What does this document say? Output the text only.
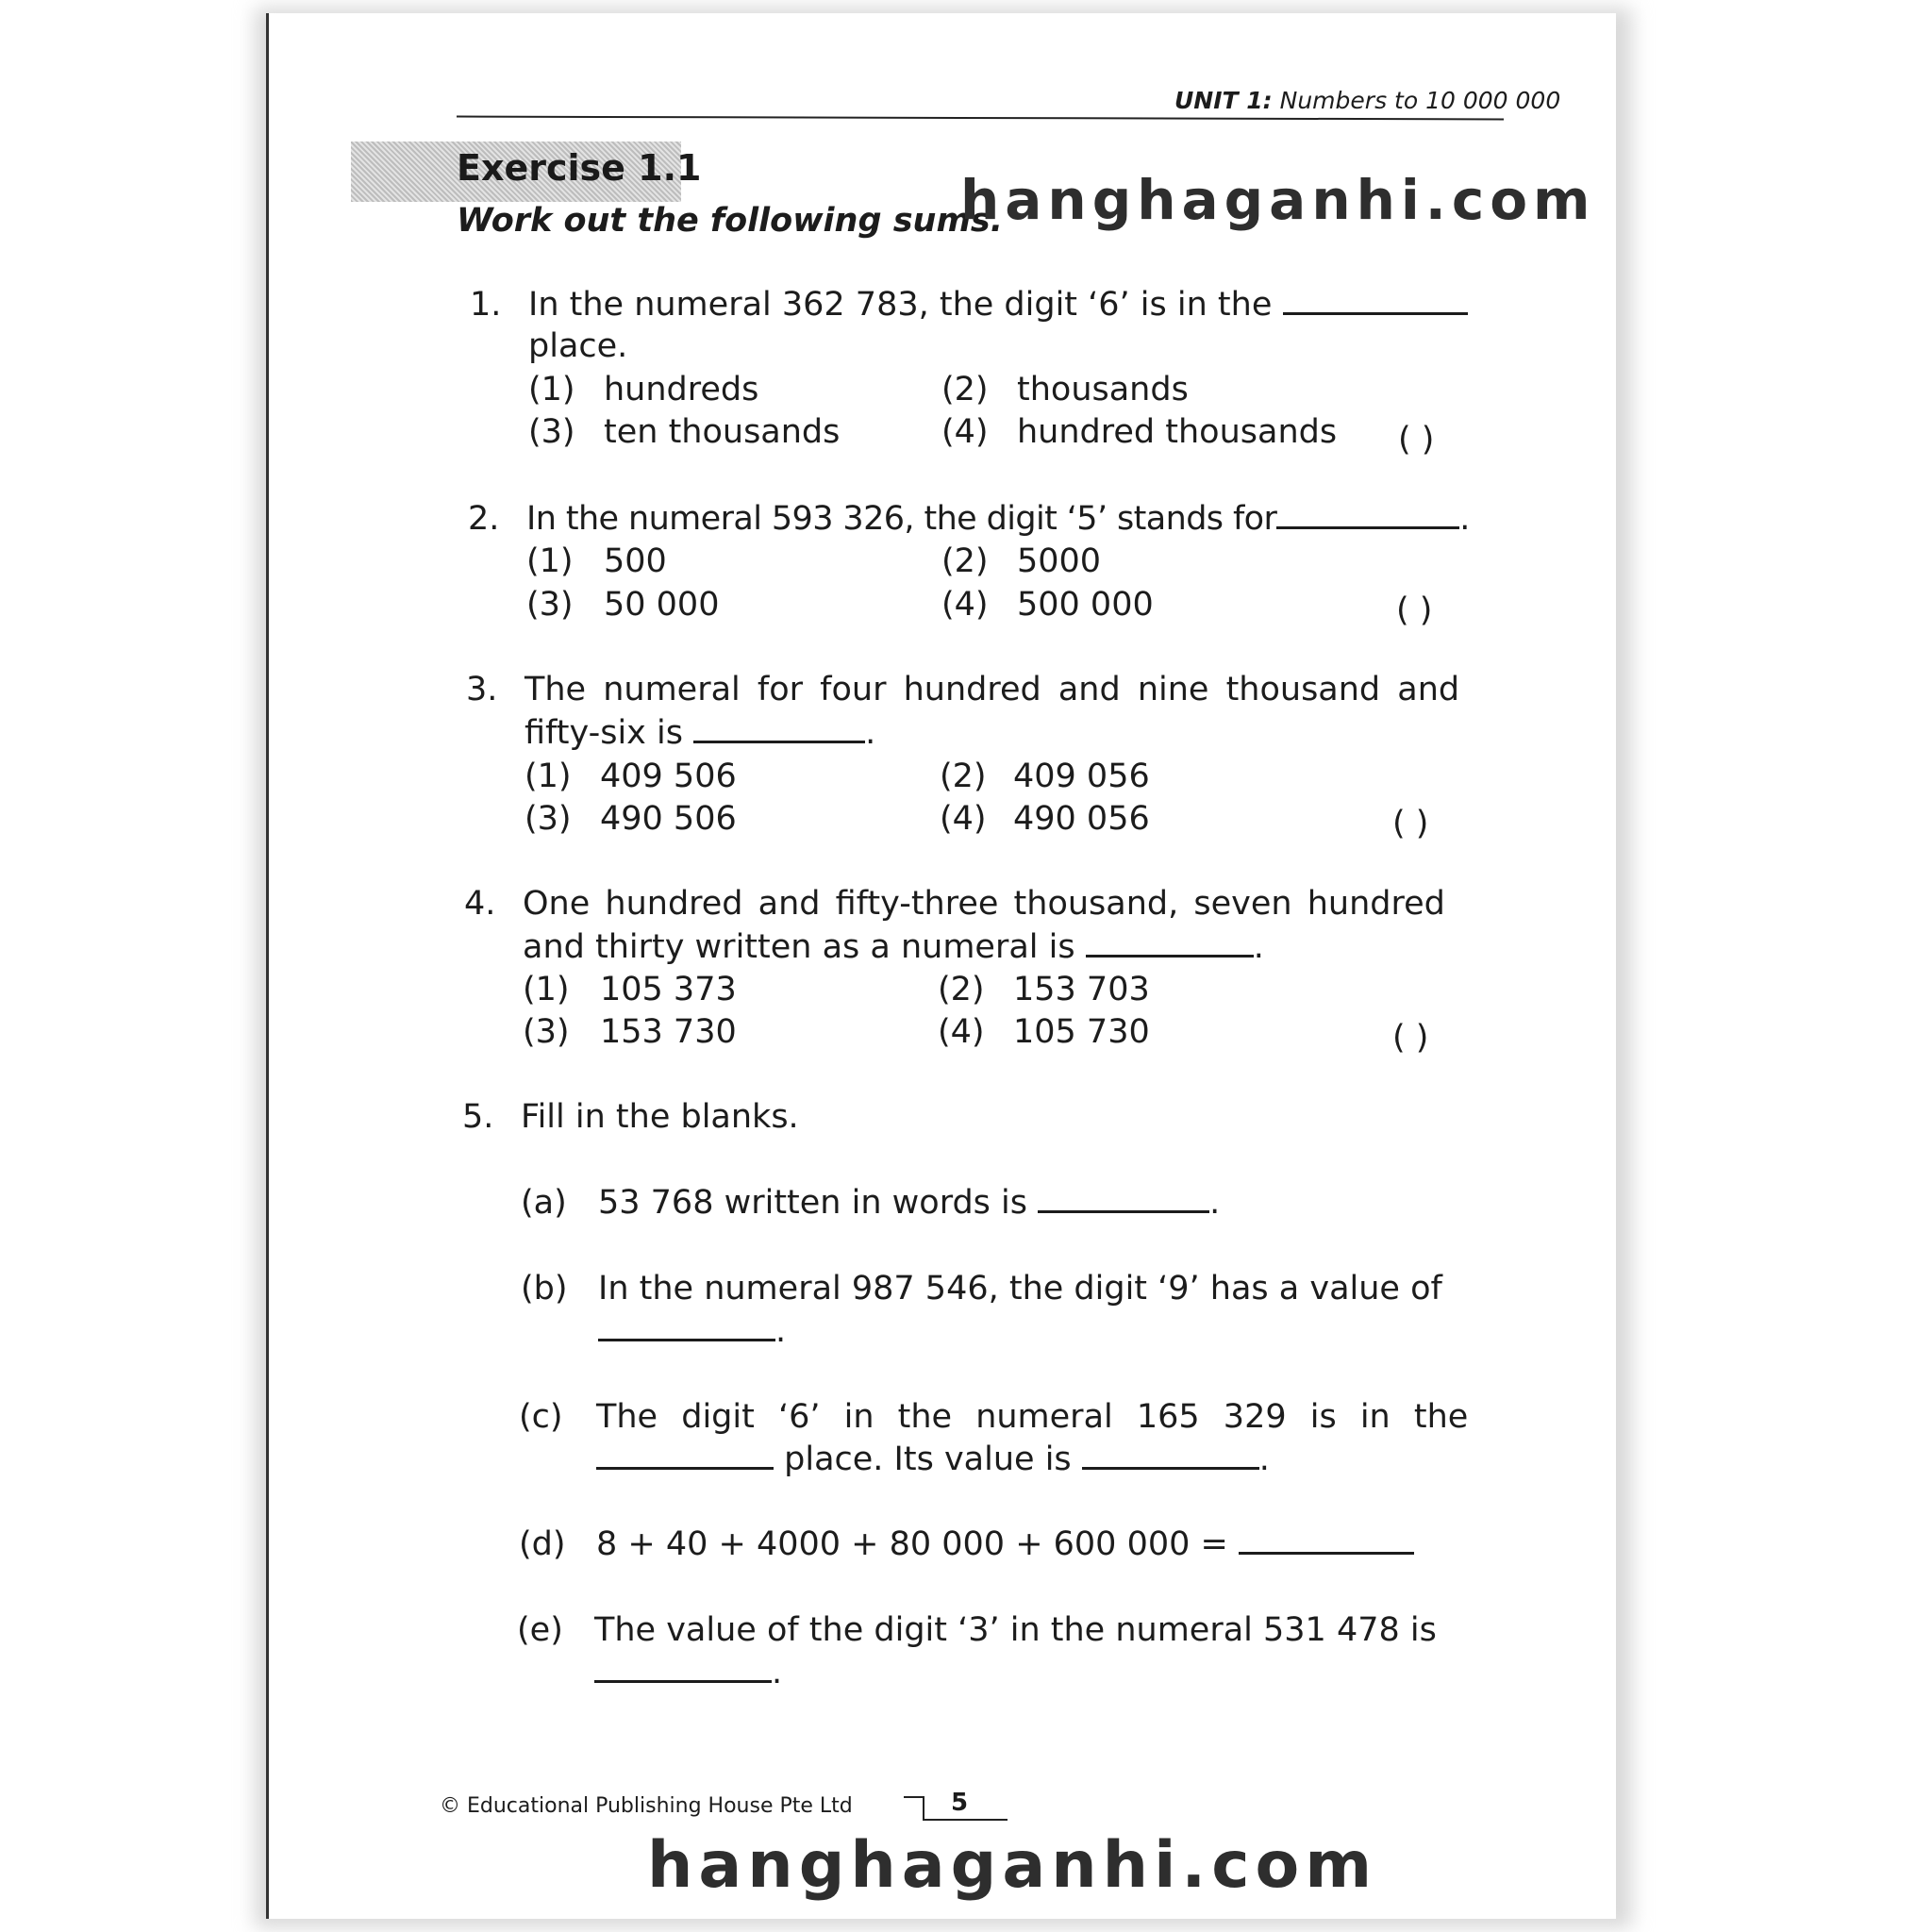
UNIT 1: Numbers to 10 000 000
Exercise 1.1
Work out the following sums.
hanghaganhi.com
1. In the numeral 362 783, the digit ‘6’ is in the
place.
(1) hundreds	(2) thousands
(3) ten thousands	(4) hundred thousands ( )
2. In the numeral 593 326, the digit ‘5’ stands for	.
(1) 500	(2) 5000
(3) 50 000	(4) 500 000	( )
3. The numeral for four hundred and nine thousand and
fifty-six is	.
(1) 409 506	(2) 409 056
(3) 490 506	(4) 490 056	( )
4. One hundred and fifty-three thousand, seven hundred
and thirty written as a numeral is	.
(1) 105 373	(2) 153 703
(3) 153 730	(4) 105 730	( )
5. Fill in the blanks.
(a) 53 768 written in words is	.
(b) In the numeral 987 546, the digit ‘9’ has a value of
.
(c) The digit ‘6’ in the numeral 165 329 is in the
place. Its value is	.
(d) 8 + 40 + 4000 + 80 000 + 600 000 =
(e) The value of the digit ‘3’ in the numeral 531 478 is
.
© Educational Publishing House Pte Ltd	5
hanghaganhi.com
